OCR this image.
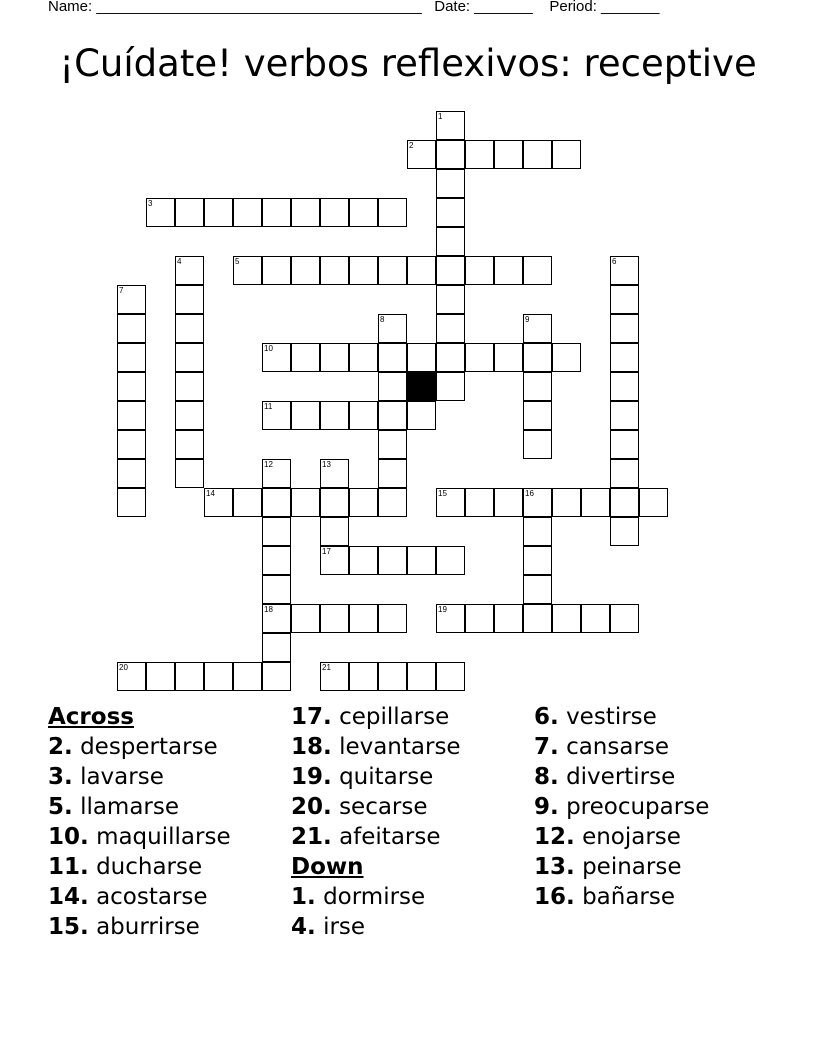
Name: _______________________________________ Date: _______ Period: _______
¡Cuídate! verbos reflexivos: receptive
1
2
3
4	5	6
7
8	9
10
11
12
18
13
14	15	16
17
19
20	21
Across
2. despertarse
3. lavarse
5. llamarse
10. maquillarse
11. ducharse
14. acostarse
15. aburrirse
17. cepillarse
18. levantarse
19. quitarse
20. secarse
21. afeitarse
Down
1. dormirse
4. irse
6. vestirse
7. cansarse
8. divertirse
9. preocuparse
12. enojarse
13. peinarse
16. bañarse
